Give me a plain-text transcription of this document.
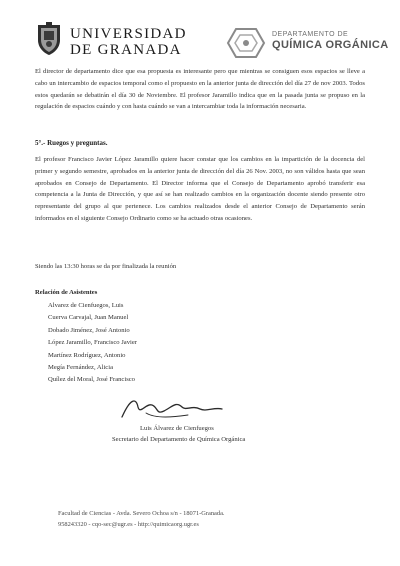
UNIVERSIDAD
DE GRANADA
DEPARTAMENTO DE
QUÍMICA ORGÁNICA
El director de departamento dice que esa propuesta es interesante pero que mientras se consiguen esos espacios se lleve a cabo un intercambio de espacios temporal como el propuesto en la anterior junta de dirección del día 27 de nov 2003. Todos estos quedarán se debatirán el día 30 de Noviembre. El profesor Jaramillo indica que en la pasada junta se propuso en la regulación de espacios cuándo y con hasta cuándo se van a intercambiar toda la información necesaria.
5°.- Ruegos y preguntas.
El profesor Francisco Javier López Jaramillo quiere hacer constar que los cambios en la impartición de la docencia del primer y segundo semestre, aprobados en la anterior junta de dirección del día 26 Nov. 2003, no son válidos hasta que sean aprobados en Consejo de Departamento. El Director informa que el Consejo de Departamento aprobó transferir esa competencia a la Junta de Dirección, y que así se han realizado cambios en la organización docente siendo presente otro representante del grupo al que pertenece. Los cambios realizados desde el anterior Consejo de Departamento serán informados en el siguiente Consejo Ordinario como se ha actuado otras ocasiones.
Siendo las 13:30 horas se da por finalizada la reunión
Relación de Asistentes
Alvarez de Cienfuegos, Luis
Cuerva Carvajal, Juan Manuel
Dobado Jiménez, José Antonio
López Jaramillo, Francisco Javier
Martínez Rodríguez, Antonio
Megía Fernández, Alicia
Quílez del Moral, José Francisco
Luis Álvarez de Cienfuegos
Secretario del Departamento de Química Orgánica
Facultad de Ciencias - Avda. Severo Ochoa s/n - 18071-Granada.
958243320 - cqo-sec@ugr.es - http://quimicaorg.ugr.es
